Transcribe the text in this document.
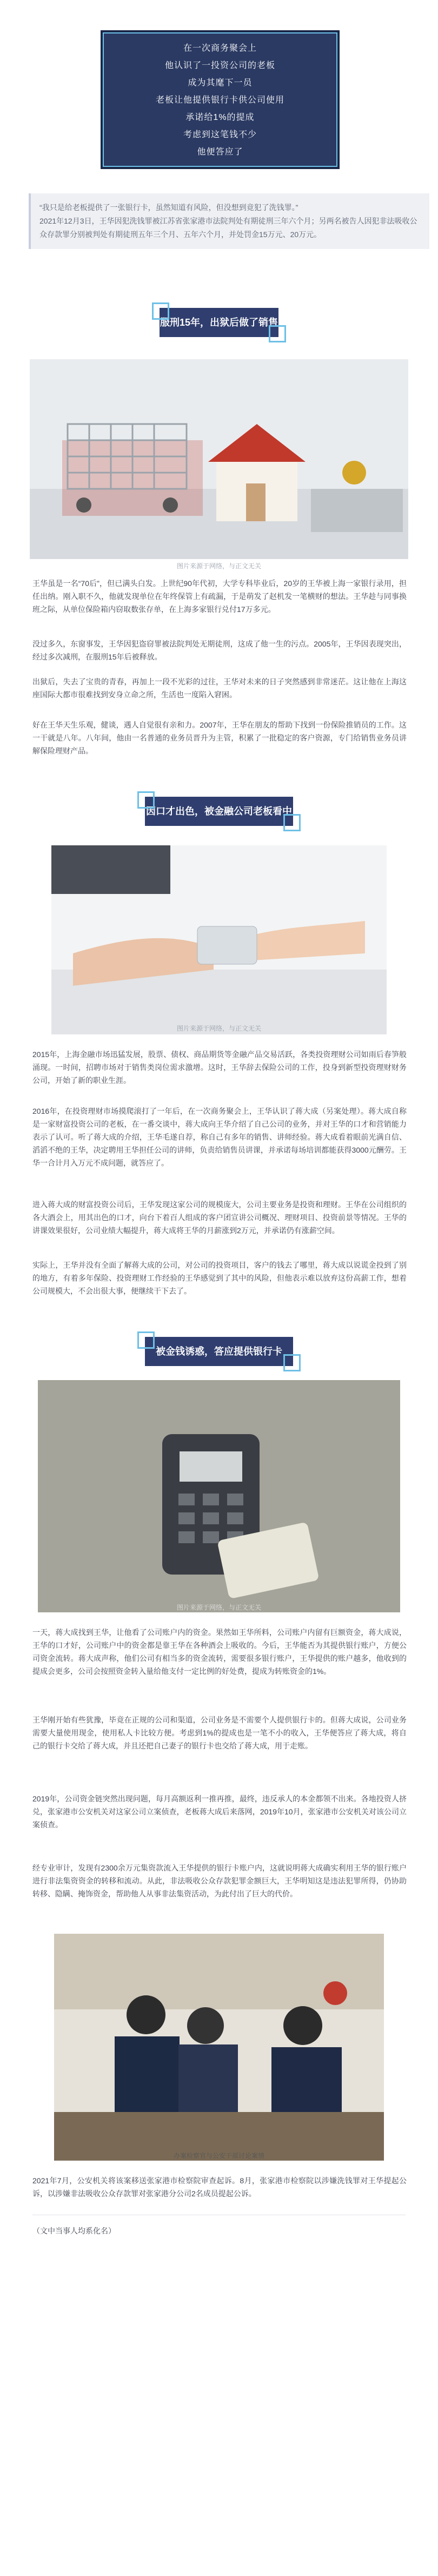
在一次商务聚会上
他认识了一投资公司的老板
成为其麾下一员
老板让他提供银行卡供公司使用
承诺给1%的提成
考虑到这笔钱不少
他便答应了
“我只是给老板提供了一张银行卡，虽然知道有风险，但没想到竟犯了洗钱罪。”
2021年12月3日，王华因犯洗钱罪被江苏省张家港市法院判处有期徒刑三年六个月；另两名被告人因犯非法吸收公众存款罪分别被判处有期徒刑五年三个月、五年六个月，并处罚金15万元、20万元。
服刑15年，出狱后做了销售
图片来源于网络，与正文无关
王华虽是一名“70后”，但已满头白发。上世纪90年代初，大学专科毕业后，20岁的王华被上海一家银行录用，担任出纳。刚入职不久，他就发现单位在年终保管上有疏漏，于是萌发了赵机发一笔横财的想法。王华趁与同事换班之际，从单位保险箱内窃取数张存单，在上海多家银行兑付17万多元。
没过多久，东窗事发，王华因犯盗窃罪被法院判处无期徒刑，这成了他一生的污点。2005年，王华因表现突出，经过多次减刑，在服刑15年后被释放。
出狱后，失去了宝贵的青春，再加上一段不光彩的过往，王华对未来的日子突然感到非常迷茫。这让他在上海这座国际大都市很难找到安身立命之所，生活也一度陷入窘困。
好在王华天生乐观，健谈，遇人自觉很有亲和力。2007年，王华在朋友的帮助下找到一份保险推销员的工作。这一干就是八年。八年间，他由一名普通的业务员晋升为主管，积累了一批稳定的客户资源，专门给销售业务员讲解保险理财产品。
因口才出色，被金融公司老板看中
图片来源于网络，与正文无关
2015年，上海金融市场迅猛发展，股票、债权、商品期货等金融产品交易活跃，各类投资理财公司如雨后春笋般涌现。一时间，招聘市场对于销售类岗位需求激增。这时，王华辞去保险公司的工作，投身到新型投资理财财务公司，开始了新的职业生涯。
2016年，在投资理财市场摸爬滚打了一年后，在一次商务聚会上，王华认识了蒋大成（另案处理）。蒋大成自称是一家财富投资公司的老板，在一番交谈中，蒋大成向王华介绍了自己公司的业务，并对王华的口才和营销能力表示了认可。听了蒋大成的介绍，王华毛遂自荐，称自己有多年的销售、讲师经验。蒋大成看着眼前光满自信、滔滔不绝的王华，决定聘用王华担任公司的讲师，负责给销售员讲课，并承诺每场培训都能获得3000元酬劳。王华一合计月入万元不成问题，就答应了。
进入蒋大成的财富投资公司后，王华发现这家公司的规模庞大，公司主要业务是投资和理财。王华在公司组织的各大酒会上，用其出色的口才，向台下着百人组成的客户团宣讲公司概况、理财项目、投资前景等情况。王华的讲课效果很好，公司业绩大幅提升，蒋大成将王华的月薪涨到2万元，并承诺仍有涨薪空间。
实际上，王华并没有全面了解蒋大成的公司，对公司的投资项目，客户的钱去了哪里，蒋大成以说谎金投到了别的地方，有着多年保险、投资理财工作经验的王华感觉到了其中的风险，但他表示难以放弃这份高薪工作，想着公司规模大，不会出很大事，便继续干下去了。
被金钱诱惑，答应提供银行卡
图片来源于网络，与正文无关
一天，蒋大成找到王华，让他看了公司账户内的资金。果然如王华所料，公司账户内留有巨额资金，蒋大成说，王华的口才好，公司账户中的资金都是靠王华在各种酒会上吸收的。今后，王华能否为其提供银行账户，方便公司资金流转。蒋大成声称，他们公司有相当多的资金流转，需要很多银行账户，王华提供的账户越多，他收到的提成会更多，公司会按照资金转入量给他支付一定比例的好处费，提成为转账资金的1%。
王华刚开始有些犹豫，毕竟在正规的公司和渠道，公司业务是不需要个人提供银行卡的。但蒋大成说，公司业务需要大量使用现金，使用私人卡比较方便。考虑到1%的提成也是一笔不小的收入，王华便答应了蒋大成，将自己的银行卡交给了蒋大成，并且还把自己妻子的银行卡也交给了蒋大成，用于走账。
2019年，公司资金链突然出现问题，每月高额返利一推再推，最终，违反承人的本金都领不出来。各地投资人挤兑，张家港市公安机关对这家公司立案侦查，老板蒋大成后来落网，2019年10月，张家港市公安机关对该公司立案侦查。
经专业审计，发现有2300余万元集资款流入王华提供的银行卡账户内，这就说明蒋大成确实利用王华的银行账户进行非法集资资金的转移和流动。从此，非法吸收公众存款犯罪金额巨大，王华明知这是违法犯罪所得，仍协助转移、隐瞒、掩饰资金，帮助他人从事非法集资活动，为此付出了巨大的代价。
办案检察官与公安干部讨论案情
2021年7月，公安机关将该案移送张家港市检察院审查起诉。8月，张家港市检察院以涉嫌洗钱罪对王华提起公诉，以涉嫌非法吸收公众存款罪对张家港分公司2名成员提起公诉。
（文中当事人均系化名）
